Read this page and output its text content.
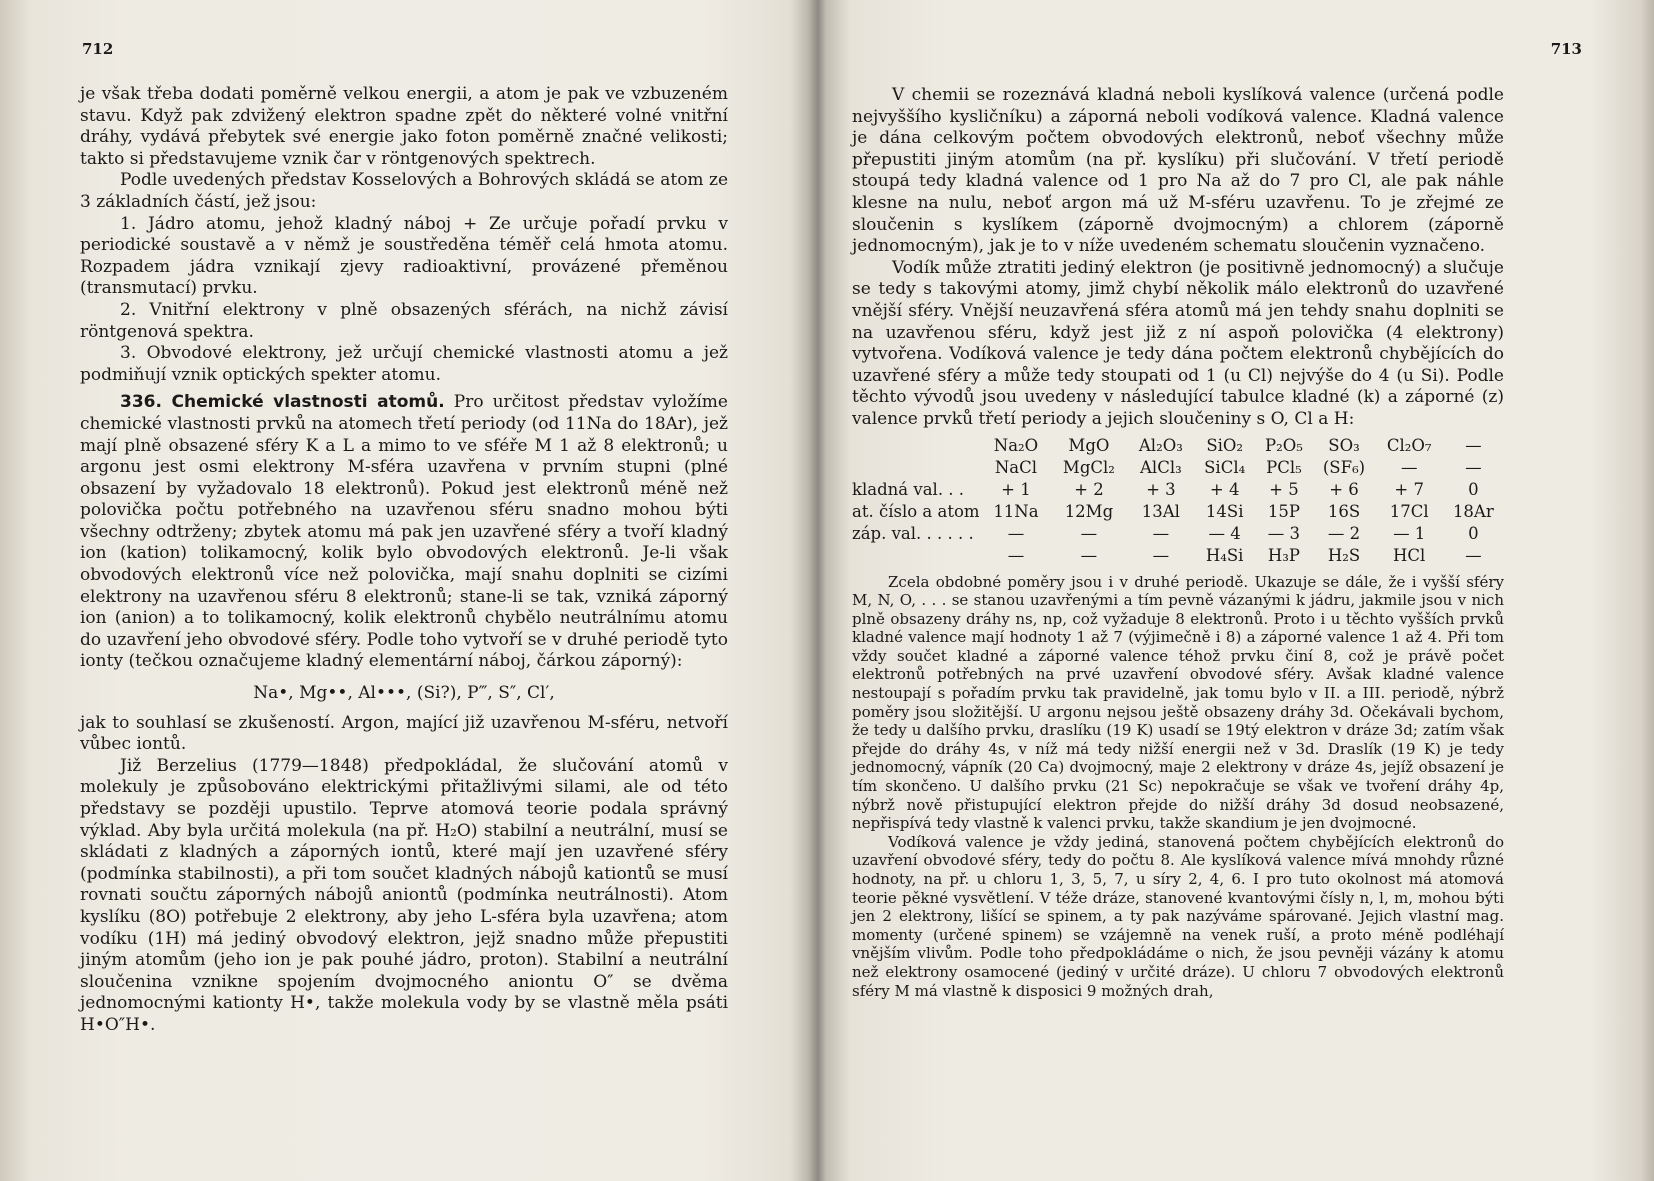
712

je však třeba dodati poměrně velkou energii, a atom je pak ve vzbuzeném stavu. Když pak zdvižený elektron spadne zpět do některé volné vnitřní dráhy, vydává přebytek své energie jako foton poměrně značné velikosti; takto si představujeme vznik čar v röntgenových spektrech.

Podle uvedených představ Kosselových a Bohrových skládá se atom ze 3 základních částí, jež jsou:

1. Jádro atomu, jehož kladný náboj + Ze určuje pořadí prvku v periodické soustavě a v němž je soustředěna téměř celá hmota atomu. Rozpadem jádra vznikají zjevy radioaktivní, provázené přeměnou (transmutací) prvku.

2. Vnitřní elektrony v plně obsazených sférách, na nichž závisí röntgenová spektra.

3. Obvodové elektrony, jež určují chemické vlastnosti atomu a jež podmiňují vznik optických spekter atomu.

336. Chemické vlastnosti atomů. Pro určitost představ vyložíme chemické vlastnosti prvků na atomech třetí periody (od 11Na do 18Ar), jež mají plně obsazené sféry K a L a mimo to ve sféře M 1 až 8 elektronů; u argonu jest osmi elektrony M-sféra uzavřena v prvním stupni (plné obsazení by vyžadovalo 18 elektronů). Pokud jest elektronů méně než polovička počtu potřebného na uzavřenou sféru snadno mohou býti všechny odtrženy; zbytek atomu má pak jen uzavřené sféry a tvoří kladný ion (kation) tolikamocný, kolik bylo obvodových elektronů. Je-li však obvodových elektronů více než polovička, mají snahu doplniti se cizími elektrony na uzavřenou sféru 8 elektronů; stane-li se tak, vzniká záporný ion (anion) a to tolikamocný, kolik elektronů chybělo neutrálnímu atomu do uzavření jeho obvodové sféry. Podle toho vytvoří se v druhé periodě tyto ionty (tečkou označujeme kladný elementární náboj, čárkou záporný):

Na•, Mg••, Al•••, (Si?), P‴, S″, Cl′,

jak to souhlasí se zkušeností. Argon, mající již uzavřenou M-sféru, netvoří vůbec iontů.

Již Berzelius (1779—1848) předpokládal, že slučování atomů v molekuly je způsobováno elektrickými přitažlivými silami, ale od této představy se později upustilo. Teprve atomová teorie podala správný výklad. Aby byla určitá molekula (na př. H₂O) stabilní a neutrální, musí se skládati z kladných a záporných iontů, které mají jen uzavřené sféry (podmínka stabilnosti), a při tom součet kladných nábojů kationtů se musí rovnati součtu záporných nábojů aniontů (podmínka neutrálnosti). Atom kyslíku (8O) potřebuje 2 elektrony, aby jeho L-sféra byla uzavřena; atom vodíku (1H) má jediný obvodový elektron, jejž snadno může přepustiti jiným atomům (jeho ion je pak pouhé jádro, proton). Stabilní a neutrální sloučenina vznikne spojením dvojmocného aniontu O″ se dvěma jednomocnými kationty H•, takže molekula vody by se vlastně měla psáti H•O″H•.

713

V chemii se rozeznává kladná neboli kyslíková valence (určená podle nejvyššího kysličníku) a záporná neboli vodíková valence. Kladná valence je dána celkovým počtem obvodových elektronů, neboť všechny může přepustiti jiným atomům (na př. kyslíku) při slučování. V třetí periodě stoupá tedy kladná valence od 1 pro Na až do 7 pro Cl, ale pak náhle klesne na nulu, neboť argon má už M-sféru uzavřenu. To je zřejmé ze sloučenin s kyslíkem (záporně dvojmocným) a chlorem (záporně jednomocným), jak je to v níže uvedeném schematu sloučenin vyznačeno.

Vodík může ztratiti jediný elektron (je positivně jednomocný) a slučuje se tedy s takovými atomy, jimž chybí několik málo elektronů do uzavřené vnější sféry. Vnější neuzavřená sféra atomů má jen tehdy snahu doplniti se na uzavřenou sféru, když jest již z ní aspoň polovička (4 elektrony) vytvořena. Vodíková valence je tedy dána počtem elektronů chybějících do uzavřené sféry a může tedy stoupati od 1 (u Cl) nejvýše do 4 (u Si). Podle těchto vývodů jsou uvedeny v následující tabulce kladné (k) a záporné (z) valence prvků třetí periody a jejich sloučeniny s O, Cl a H:

	Na₂O	MgO	Al₂O₃	SiO₂	P₂O₅	SO₃	Cl₂O₇	—
	NaCl	MgCl₂	AlCl₃	SiCl₄	PCl₅	(SF₆)	—	—
kladná val. . .	+ 1	+ 2	+ 3	+ 4	+ 5	+ 6	+ 7	0
at. číslo a atom	11Na	12Mg	13Al	14Si	15P	16S	17Cl	18Ar
záp. val. . . . . .	—	—	—	— 4	— 3	— 2	— 1	0
	—	—	—	H₄Si	H₃P	H₂S	HCl	—

Zcela obdobné poměry jsou i v druhé periodě. Ukazuje se dále, že i vyšší sféry M, N, O, . . . se stanou uzavřenými a tím pevně vázanými k jádru, jakmile jsou v nich plně obsazeny dráhy ns, np, což vyžaduje 8 elektronů. Proto i u těchto vyšších prvků kladné valence mají hodnoty 1 až 7 (výjimečně i 8) a záporné valence 1 až 4. Při tom vždy součet kladné a záporné valence téhož prvku činí 8, což je právě počet elektronů potřebných na prvé uzavření obvodové sféry. Avšak kladné valence nestoupají s pořadím prvku tak pravidelně, jak tomu bylo v II. a III. periodě, nýbrž poměry jsou složitější. U argonu nejsou ještě obsazeny dráhy 3d. Očekávali bychom, že tedy u dalšího prvku, draslíku (19 K) usadí se 19tý elektron v dráze 3d; zatím však přejde do dráhy 4s, v níž má tedy nižší energii než v 3d. Draslík (19 K) je tedy jednomocný, vápník (20 Ca) dvojmocný, maje 2 elektrony v dráze 4s, jejíž obsazení je tím skončeno. U dalšího prvku (21 Sc) nepokračuje se však ve tvoření dráhy 4p, nýbrž nově přistupující elektron přejde do nižší dráhy 3d dosud neobsazené, nepřispívá tedy vlastně k valenci prvku, takže skandium je jen dvojmocné.

Vodíková valence je vždy jediná, stanovená počtem chybějících elektronů do uzavření obvodové sféry, tedy do počtu 8. Ale kyslíková valence mívá mnohdy různé hodnoty, na př. u chloru 1, 3, 5, 7, u síry 2, 4, 6. I pro tuto okolnost má atomová teorie pěkné vysvětlení. V téže dráze, stanovené kvantovými čísly n, l, m, mohou býti jen 2 elektrony, lišící se spinem, a ty pak nazýváme spárované. Jejich vlastní mag. momenty (určené spinem) se vzájemně na venek ruší, a proto méně podléhají vnějším vlivům. Podle toho předpokládáme o nich, že jsou pevněji vázány k atomu než elektrony osamocené (jediný v určité dráze). U chloru 7 obvodových elektronů sféry M má vlastně k disposici 9 možných drah,
